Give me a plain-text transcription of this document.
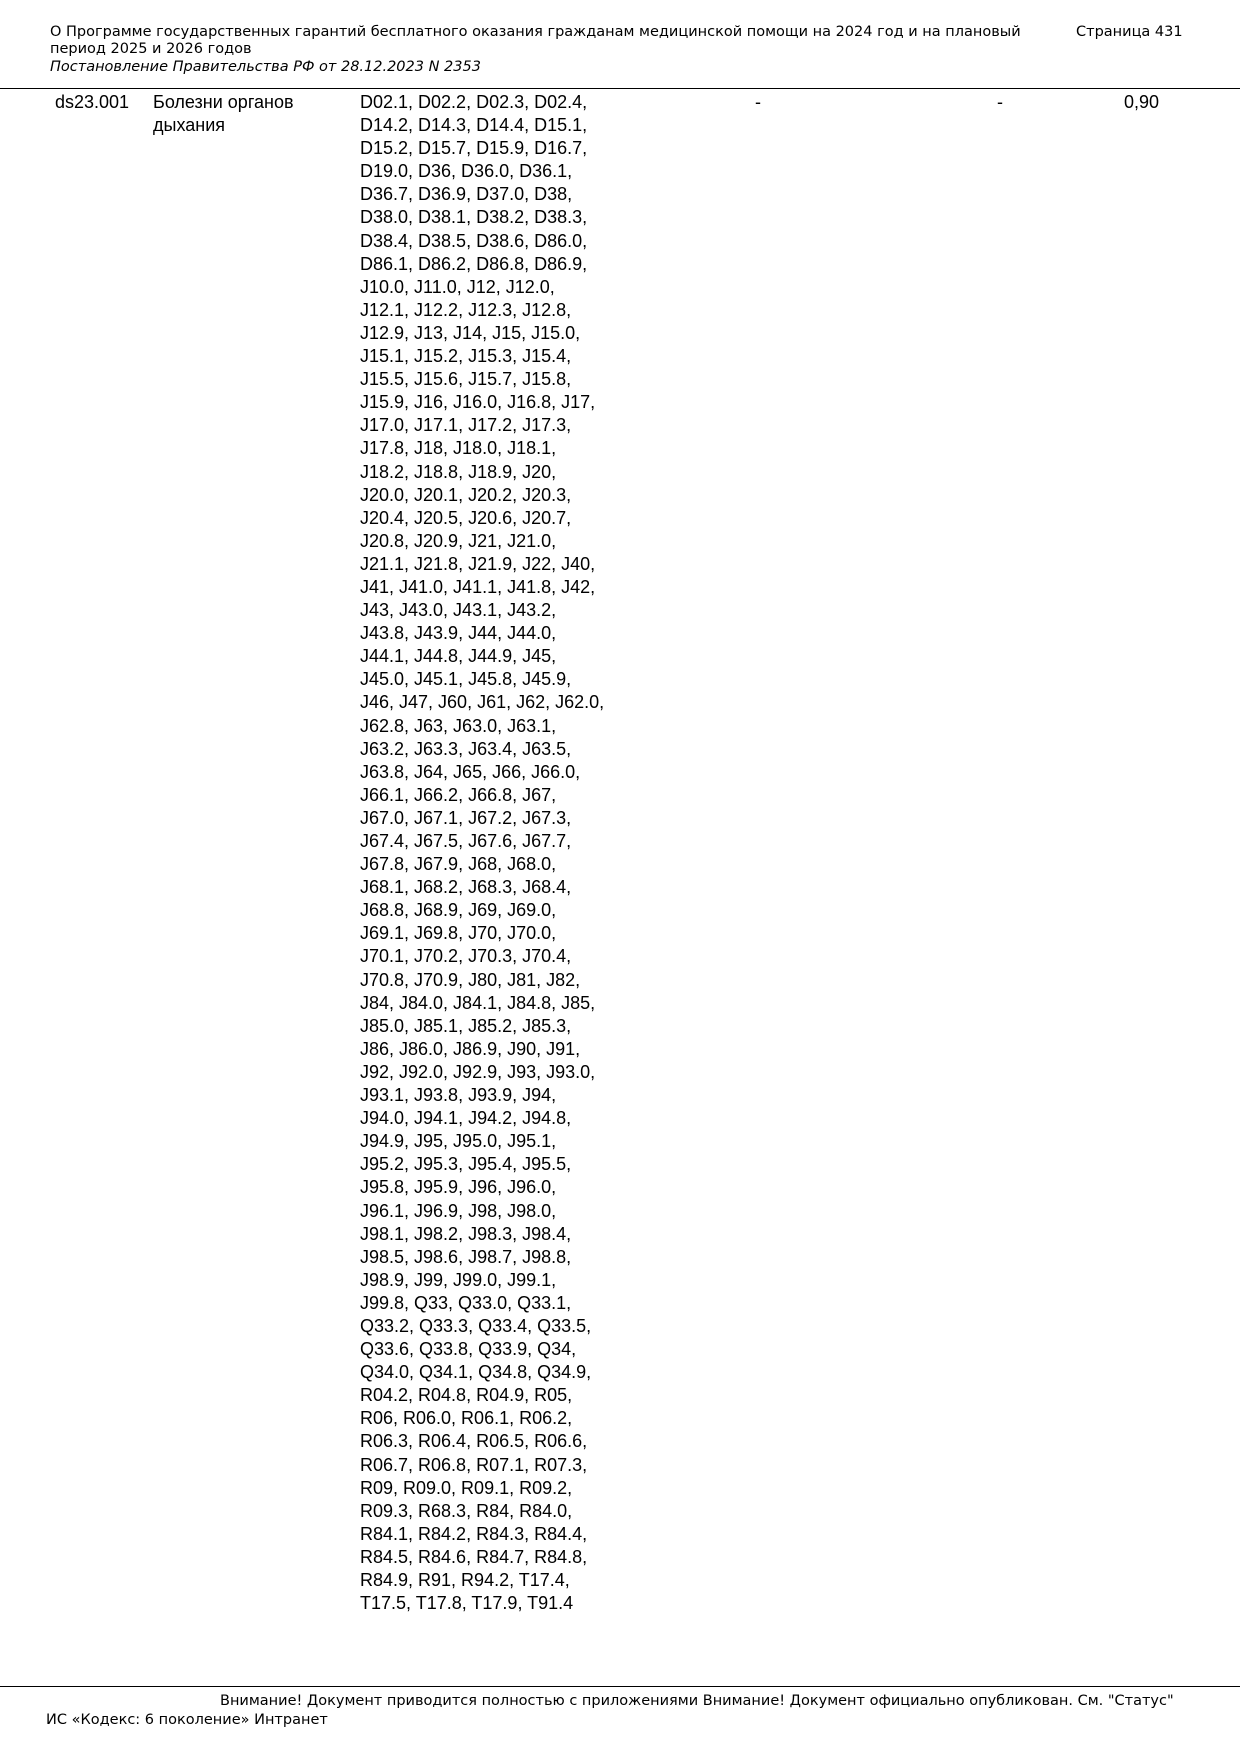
О Программе государственных гарантий бесплатного оказания гражданам медицинской помощи на 2024 год и на плановый период 2025 и 2026 годов
Постановление Правительства РФ от 28.12.2023 N 2353
Страница 431
ds23.001 Болезни органов дыхания
D02.1, D02.2, D02.3, D02.4,
D14.2, D14.3, D14.4, D15.1,
D15.2, D15.7, D15.9, D16.7,
D19.0, D36, D36.0, D36.1,
D36.7, D36.9, D37.0, D38,
D38.0, D38.1, D38.2, D38.3,
D38.4, D38.5, D38.6, D86.0,
D86.1, D86.2, D86.8, D86.9,
J10.0, J11.0, J12, J12.0,
J12.1, J12.2, J12.3, J12.8,
J12.9, J13, J14, J15, J15.0,
J15.1, J15.2, J15.3, J15.4,
J15.5, J15.6, J15.7, J15.8,
J15.9, J16, J16.0, J16.8, J17,
J17.0, J17.1, J17.2, J17.3,
J17.8, J18, J18.0, J18.1,
J18.2, J18.8, J18.9, J20,
J20.0, J20.1, J20.2, J20.3,
J20.4, J20.5, J20.6, J20.7,
J20.8, J20.9, J21, J21.0,
J21.1, J21.8, J21.9, J22, J40,
J41, J41.0, J41.1, J41.8, J42,
J43, J43.0, J43.1, J43.2,
J43.8, J43.9, J44, J44.0,
J44.1, J44.8, J44.9, J45,
J45.0, J45.1, J45.8, J45.9,
J46, J47, J60, J61, J62, J62.0,
J62.8, J63, J63.0, J63.1,
J63.2, J63.3, J63.4, J63.5,
J63.8, J64, J65, J66, J66.0,
J66.1, J66.2, J66.8, J67,
J67.0, J67.1, J67.2, J67.3,
J67.4, J67.5, J67.6, J67.7,
J67.8, J67.9, J68, J68.0,
J68.1, J68.2, J68.3, J68.4,
J68.8, J68.9, J69, J69.0,
J69.1, J69.8, J70, J70.0,
J70.1, J70.2, J70.3, J70.4,
J70.8, J70.9, J80, J81, J82,
J84, J84.0, J84.1, J84.8, J85,
J85.0, J85.1, J85.2, J85.3,
J86, J86.0, J86.9, J90, J91,
J92, J92.0, J92.9, J93, J93.0,
J93.1, J93.8, J93.9, J94,
J94.0, J94.1, J94.2, J94.8,
J94.9, J95, J95.0, J95.1,
J95.2, J95.3, J95.4, J95.5,
J95.8, J95.9, J96, J96.0,
J96.1, J96.9, J98, J98.0,
J98.1, J98.2, J98.3, J98.4,
J98.5, J98.6, J98.7, J98.8,
J98.9, J99, J99.0, J99.1,
J99.8, Q33, Q33.0, Q33.1,
Q33.2, Q33.3, Q33.4, Q33.5,
Q33.6, Q33.8, Q33.9, Q34,
Q34.0, Q34.1, Q34.8, Q34.9,
R04.2, R04.8, R04.9, R05,
R06, R06.0, R06.1, R06.2,
R06.3, R06.4, R06.5, R06.6,
R06.7, R06.8, R07.1, R07.3,
R09, R09.0, R09.1, R09.2,
R09.3, R68.3, R84, R84.0,
R84.1, R84.2, R84.3, R84.4,
R84.5, R84.6, R84.7, R84.8,
R84.9, R91, R94.2, T17.4,
T17.5, T17.8, T17.9, T91.4
-	-	0,90
Внимание! Документ приводится полностью с приложениями Внимание! Документ официально опубликован. См. "Статус"
ИС «Кодекс: 6 поколение» Интранет
